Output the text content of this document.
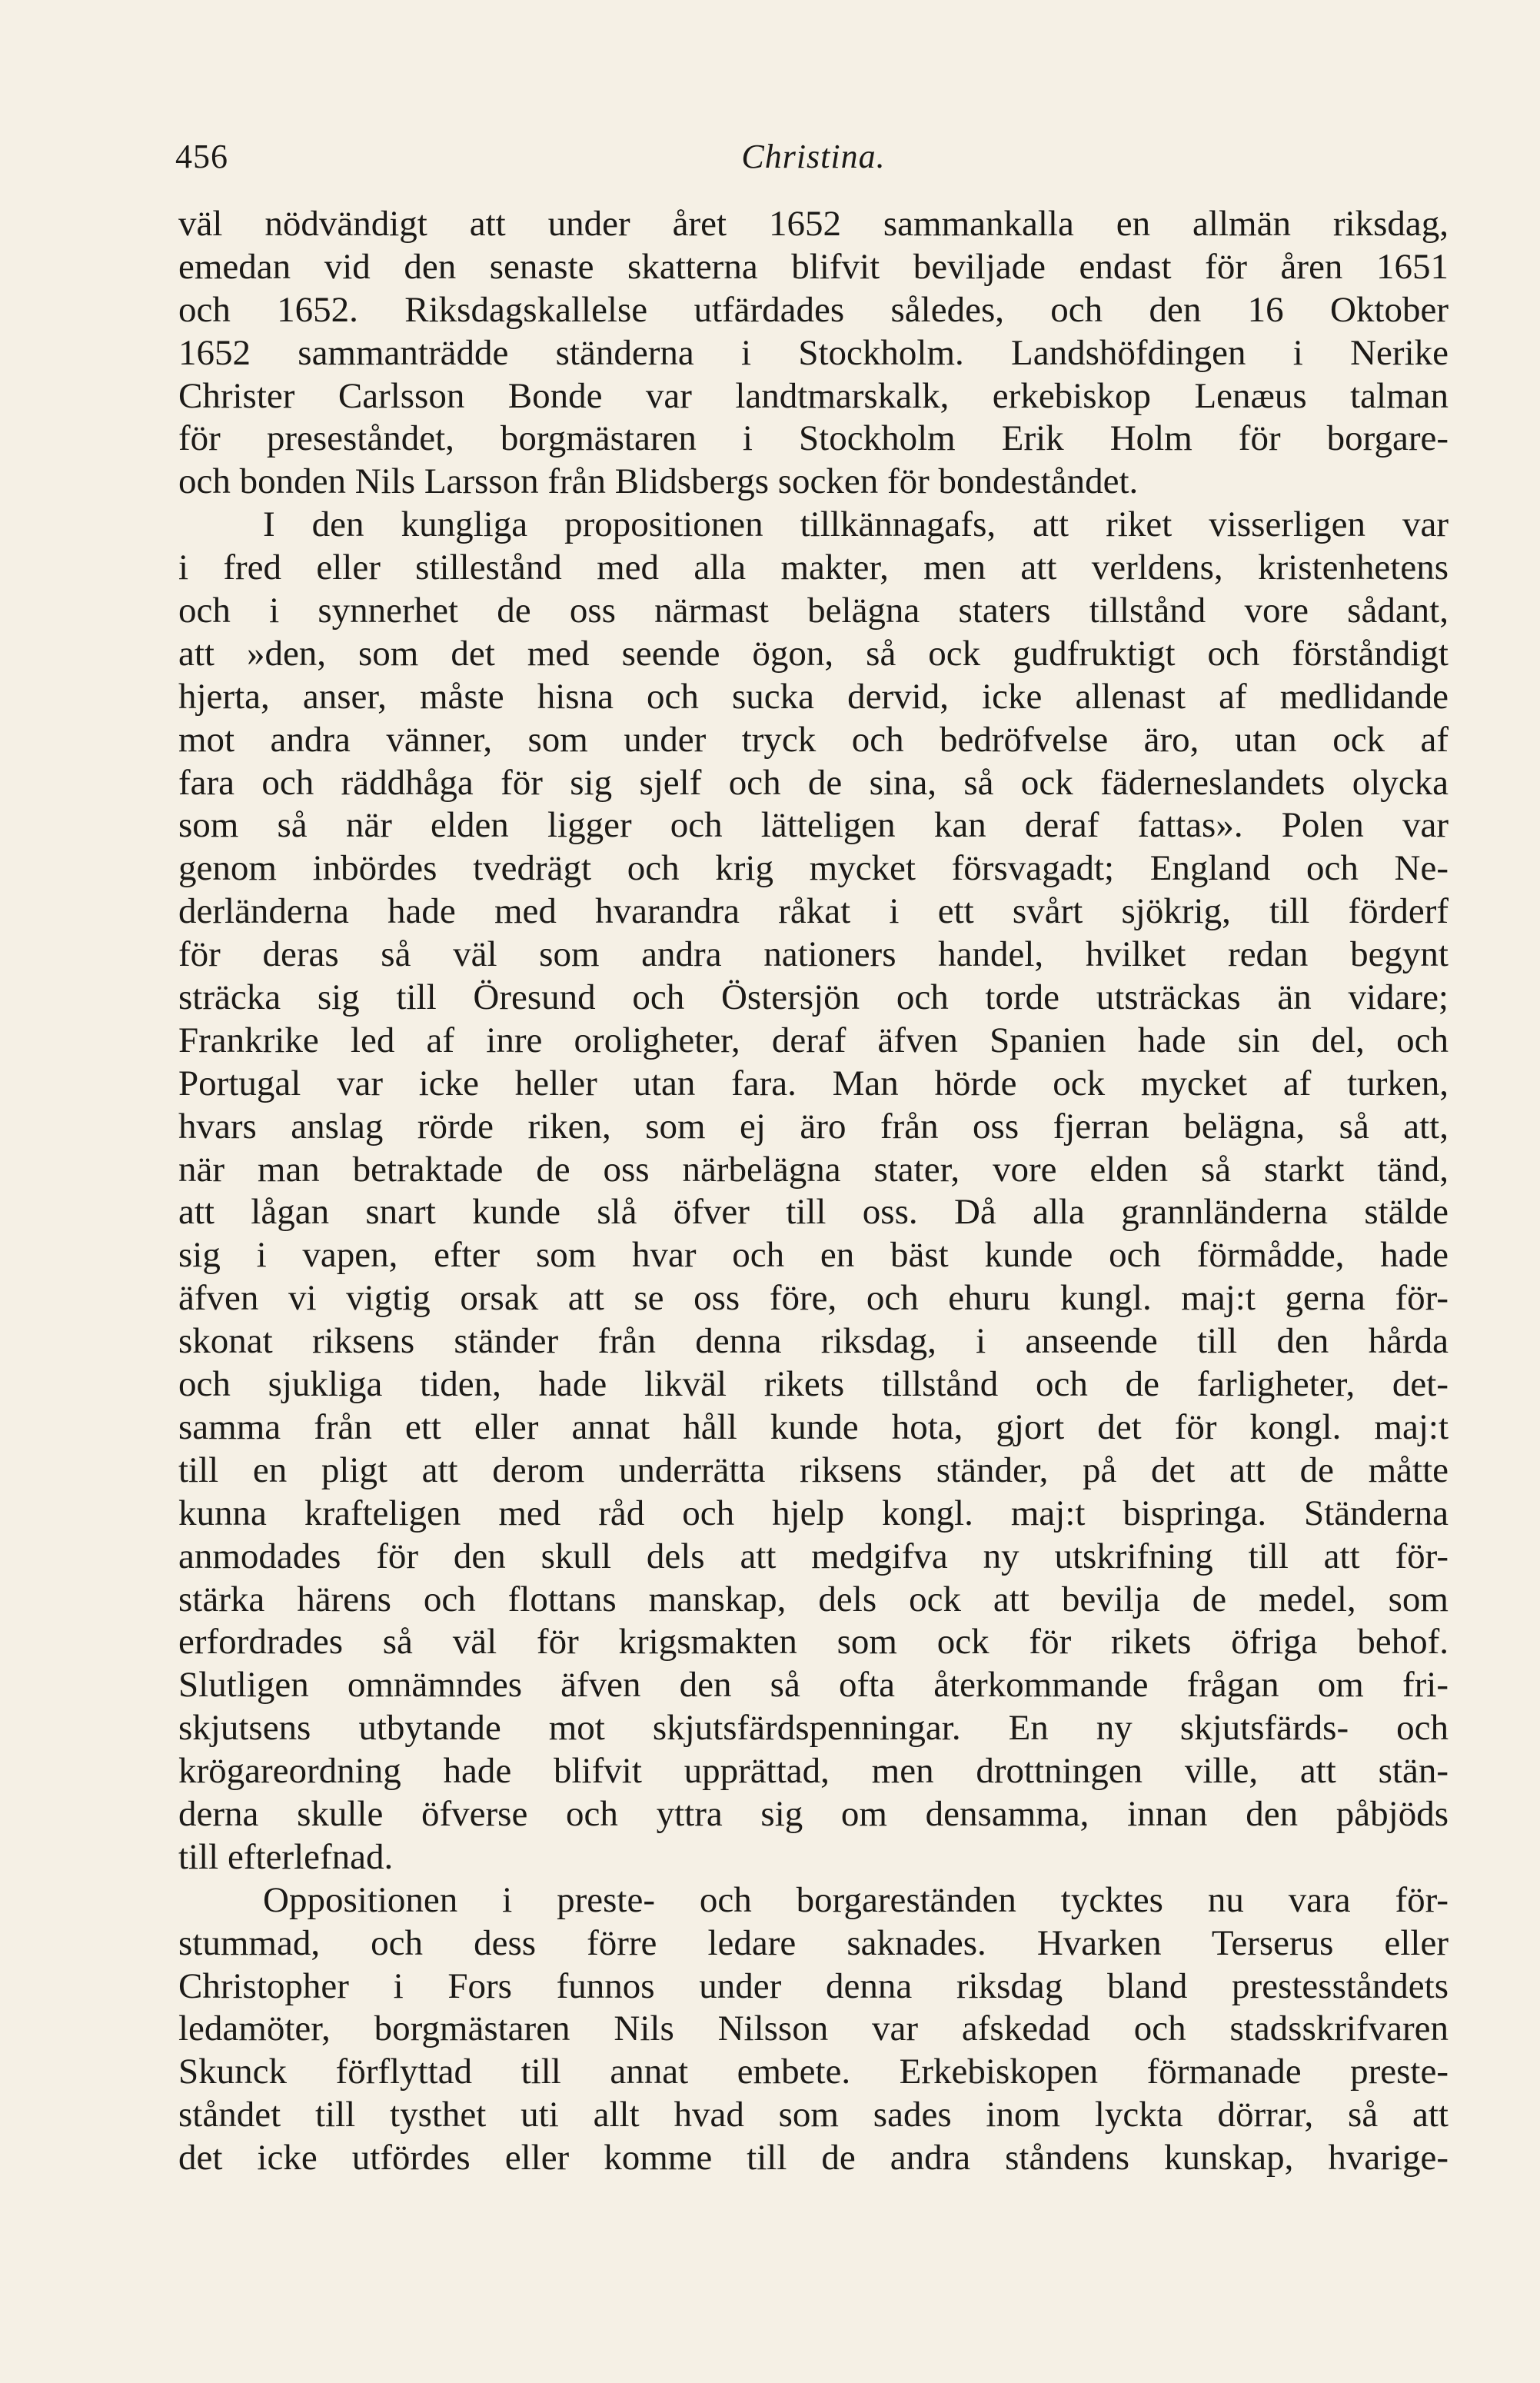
456	Christina.
väl nödvändigt att under året 1652 sammankalla en allmän riksdag,
emedan vid den senaste skatterna blifvit beviljade endast för åren 1651
och 1652. Riksdagskallelse utfärdades således, och den 16 Oktober
1652 sammanträdde ständerna i Stockholm. Landshöfdingen i Nerike
Christer Carlsson Bonde var landtmarskalk, erkebiskop Lenæus talman
för preseståndet, borgmästaren i Stockholm Erik Holm för borgare-
och bonden Nils Larsson från Blidsbergs socken för bondeståndet.
I den kungliga propositionen tillkännagafs, att riket visserligen var
i fred eller stillestånd med alla makter, men att verldens, kristenhetens
och i synnerhet de oss närmast belägna staters tillstånd vore sådant,
att »den, som det med seende ögon, så ock gudfruktigt och förståndigt
hjerta, anser, måste hisna och sucka dervid, icke allenast af medlidande
mot andra vänner, som under tryck och bedröfvelse äro, utan ock af
fara och räddhåga för sig sjelf och de sina, så ock fäderneslandets olycka
som så när elden ligger och lätteligen kan deraf fattas». Polen var
genom inbördes tvedrägt och krig mycket försvagadt; England och Ne-
derländerna hade med hvarandra råkat i ett svårt sjökrig, till förderf
för deras så väl som andra nationers handel, hvilket redan begynt
sträcka sig till Öresund och Östersjön och torde utsträckas än vidare;
Frankrike led af inre oroligheter, deraf äfven Spanien hade sin del, och
Portugal var icke heller utan fara. Man hörde ock mycket af turken,
hvars anslag rörde riken, som ej äro från oss fjerran belägna, så att,
när man betraktade de oss närbelägna stater, vore elden så starkt tänd,
att lågan snart kunde slå öfver till oss. Då alla grannländerna stälde
sig i vapen, efter som hvar och en bäst kunde och förmådde, hade
äfven vi vigtig orsak att se oss före, och ehuru kungl. maj:t gerna för-
skonat riksens ständer från denna riksdag, i anseende till den hårda
och sjukliga tiden, hade likväl rikets tillstånd och de farligheter, det-
samma från ett eller annat håll kunde hota, gjort det för kongl. maj:t
till en pligt att derom underrätta riksens ständer, på det att de måtte
kunna krafteligen med råd och hjelp kongl. maj:t bispringa. Ständerna
anmodades för den skull dels att medgifva ny utskrifning till att för-
stärka härens och flottans manskap, dels ock att bevilja de medel, som
erfordrades så väl för krigsmakten som ock för rikets öfriga behof.
Slutligen omnämndes äfven den så ofta återkommande frågan om fri-
skjutsens utbytande mot skjutsfärdspenningar. En ny skjutsfärds- och
krögareordning hade blifvit upprättad, men drottningen ville, att stän-
derna skulle öfverse och yttra sig om densamma, innan den påbjöds
till efterlefnad.
Oppositionen i preste- och borgareständen tycktes nu vara för-
stummad, och dess förre ledare saknades. Hvarken Terserus eller
Christopher i Fors funnos under denna riksdag bland prestesståndets
ledamöter, borgmästaren Nils Nilsson var afskedad och stadsskrifvaren
Skunck förflyttad till annat embete. Erkebiskopen förmanade preste-
ståndet till tysthet uti allt hvad som sades inom lyckta dörrar, så att
det icke utfördes eller komme till de andra ståndens kunskap, hvarige-
